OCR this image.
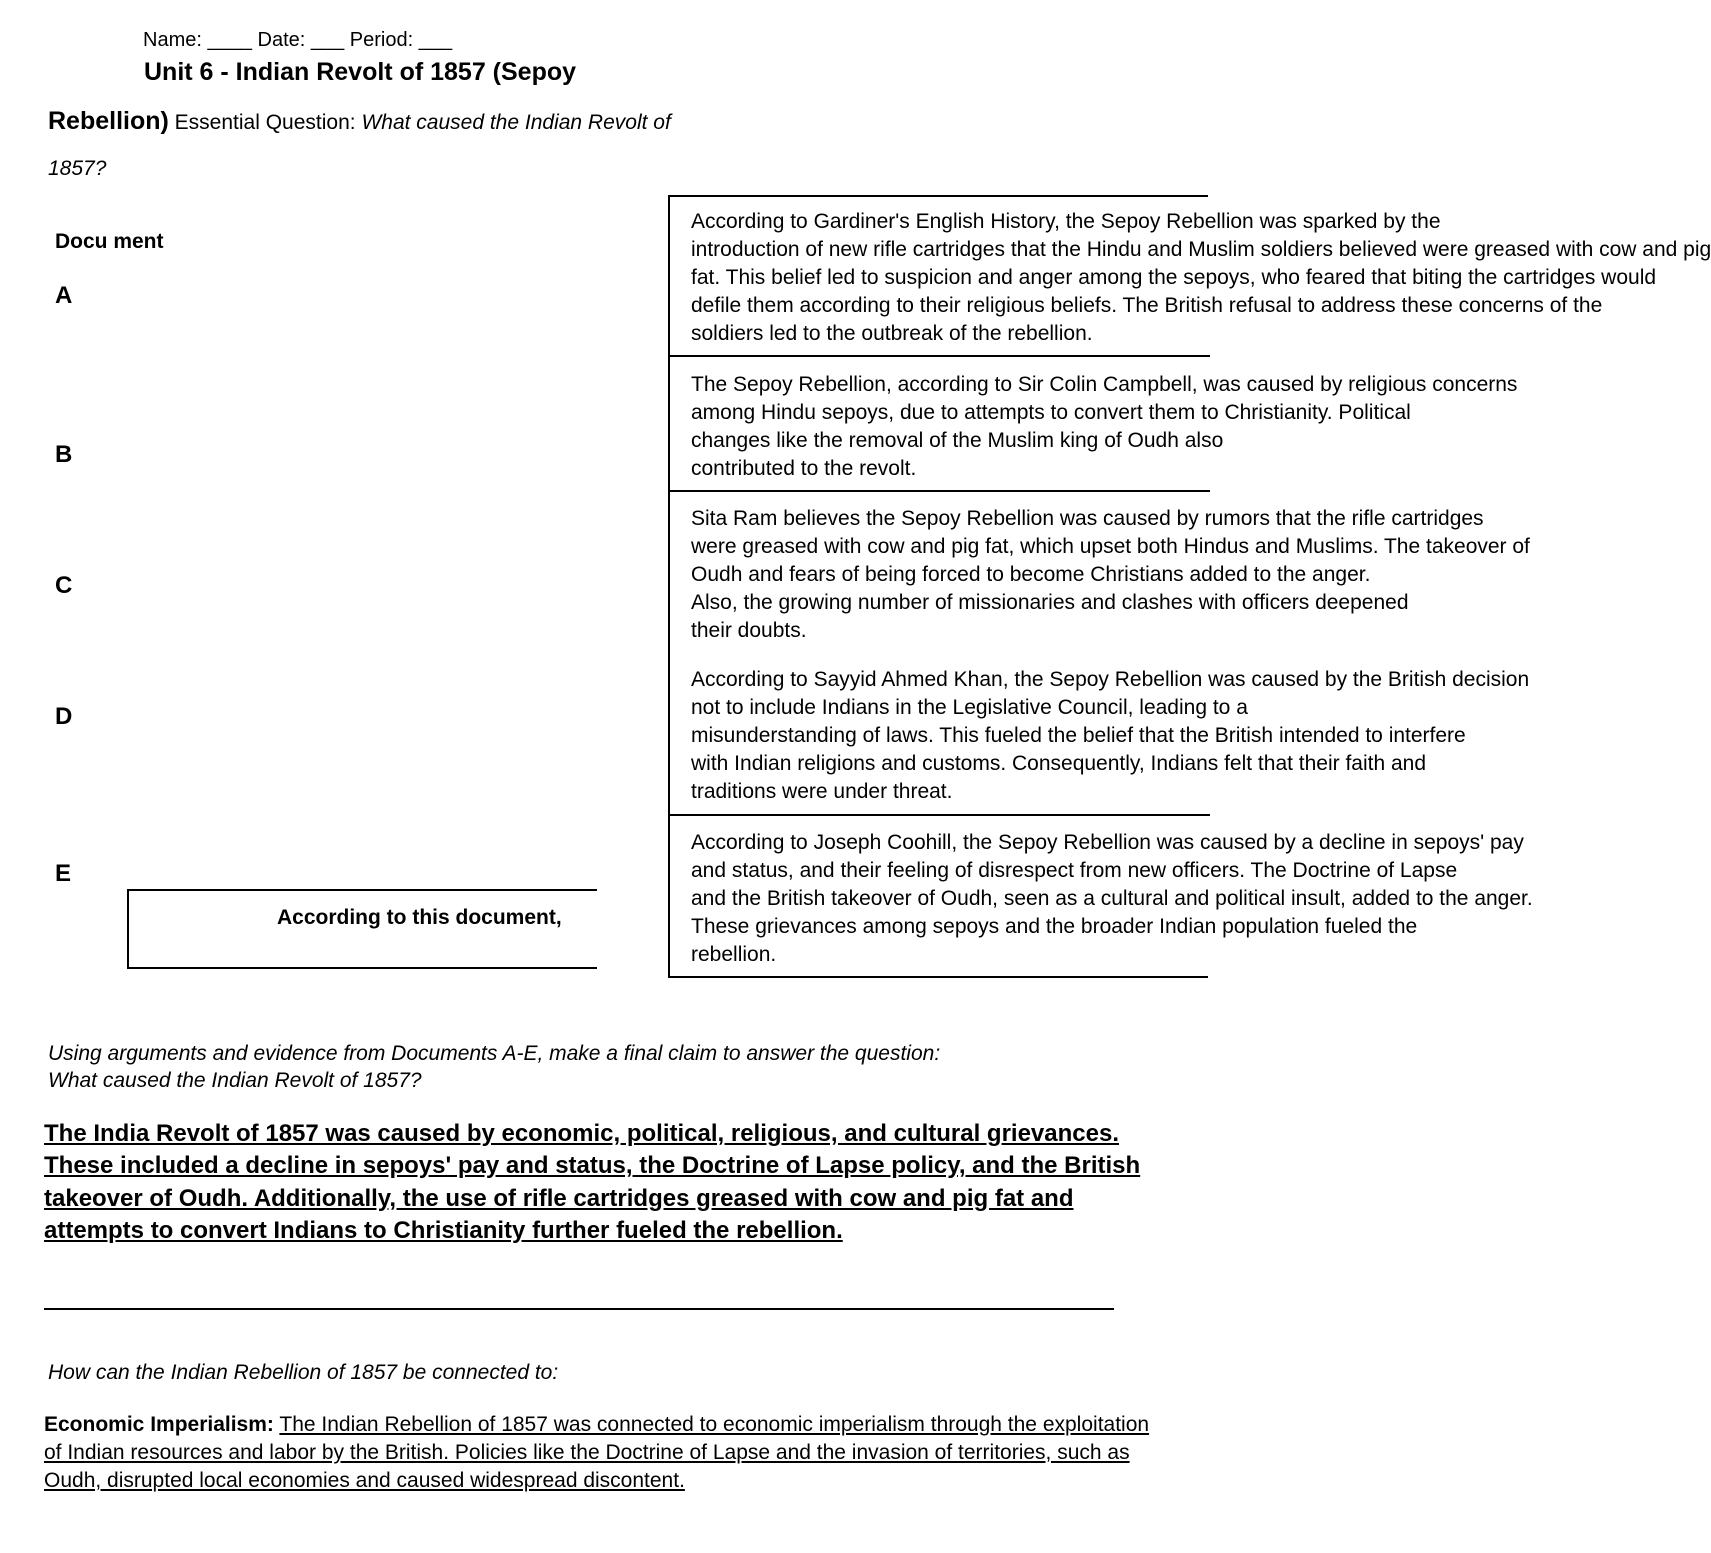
Name: ____ Date: ___ Period: ___
Unit 6 - Indian Revolt of 1857 (Sepoy
Rebellion) Essential Question: What caused the Indian Revolt of
1857?
Docu ment
A
B
C
D
E
According to this document,
According to Gardiner's English History, the Sepoy Rebellion was sparked by the
introduction of new rifle cartridges that the Hindu and Muslim soldiers believed were greased with cow and pig
fat. This belief led to suspicion and anger among the sepoys, who feared that biting the cartridges would
defile them according to their religious beliefs. The British refusal to address these concerns of the
soldiers led to the outbreak of the rebellion.
The Sepoy Rebellion, according to Sir Colin Campbell, was caused by religious concerns
among Hindu sepoys, due to attempts to convert them to Christianity. Political
changes like the removal of the Muslim king of Oudh also
contributed to the revolt.
Sita Ram believes the Sepoy Rebellion was caused by rumors that the rifle cartridges
were greased with cow and pig fat, which upset both Hindus and Muslims. The takeover of
Oudh and fears of being forced to become Christians added to the anger.
Also, the growing number of missionaries and clashes with officers deepened
their doubts.
According to Sayyid Ahmed Khan, the Sepoy Rebellion was caused by the British decision
not to include Indians in the Legislative Council, leading to a
misunderstanding of laws. This fueled the belief that the British intended to interfere
with Indian religions and customs. Consequently, Indians felt that their faith and
traditions were under threat.
According to Joseph Coohill, the Sepoy Rebellion was caused by a decline in sepoys' pay
and status, and their feeling of disrespect from new officers. The Doctrine of Lapse
and the British takeover of Oudh, seen as a cultural and political insult, added to the anger.
These grievances among sepoys and the broader Indian population fueled the
rebellion.
Using arguments and evidence from Documents A-E, make a final claim to answer the question:
What caused the Indian Revolt of 1857?
The India Revolt of 1857 was caused by economic, political, religious, and cultural grievances. These included a decline in sepoys' pay and status, the Doctrine of Lapse policy, and the British takeover of Oudh. Additionally, the use of rifle cartridges greased with cow and pig fat and attempts to convert Indians to Christianity further fueled the rebellion.
How can the Indian Rebellion of 1857 be connected to:
Economic Imperialism: The Indian Rebellion of 1857 was connected to economic imperialism through the exploitation of Indian resources and labor by the British. Policies like the Doctrine of Lapse and the invasion of territories, such as Oudh, disrupted local economies and caused widespread discontent.
